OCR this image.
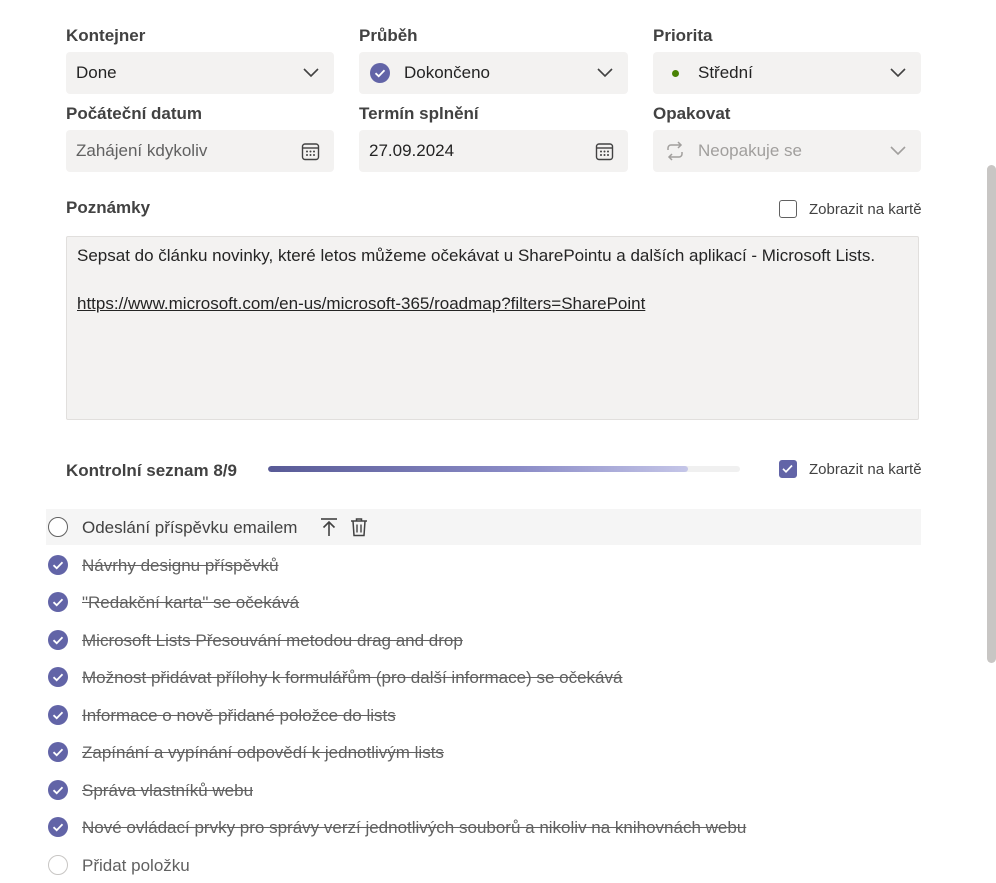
Kontejner	Průběh	Priorita
Done	Dokončeno	Střední
Počáteční datum	Termín splnění	Opakovat
Zahájení kdykoliv	27.09.2024	Neopakuje se
Poznámky	Zobrazit na kartě
Sepsat do článku novinky, které letos můžeme očekávat u SharePointu a dalších aplikací - Microsoft Lists.
https://www.microsoft.com/en-us/microsoft-365/roadmap?filters=SharePoint
Kontrolní seznam 8/9	Zobrazit na kartě
Odeslání příspěvku emailem
Návrhy designu příspěvků
"Redakční karta" se očekává
Microsoft Lists Přesouvání metodou drag and drop
Možnost přidávat přílohy k formulářům (pro další informace) se očekává
Informace o nově přidané položce do lists
Zapínání a vypínání odpovědí k jednotlivým lists
Správa vlastníků webu
Nové ovládací prvky pro správy verzí jednotlivých souborů a nikoliv na knihovnách webu
Přidat položku
